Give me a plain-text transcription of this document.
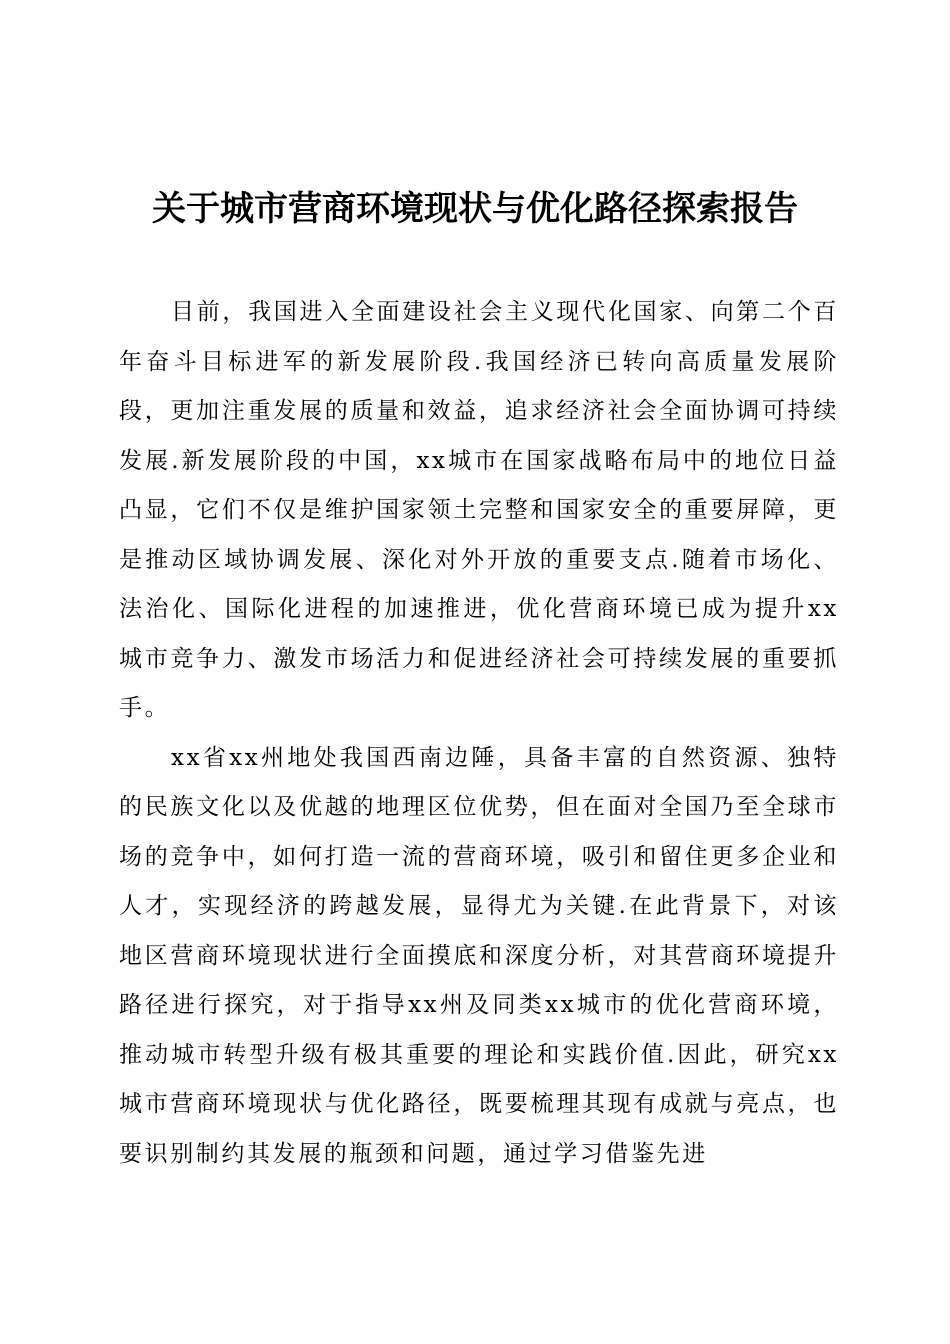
关于城市营商环境现状与优化路径探索报告

目前，我国进入全面建设社会主义现代化国家、向第二个百年奋斗目标进军的新发展阶段.我国经济已转向高质量发展阶段，更加注重发展的质量和效益，追求经济社会全面协调可持续发展.新发展阶段的中国，xx城市在国家战略布局中的地位日益凸显，它们不仅是维护国家领土完整和国家安全的重要屏障，更是推动区域协调发展、深化对外开放的重要支点.随着市场化、法治化、国际化进程的加速推进，优化营商环境已成为提升xx城市竞争力、激发市场活力和促进经济社会可持续发展的重要抓手。

xx省xx州地处我国西南边陲，具备丰富的自然资源、独特的民族文化以及优越的地理区位优势，但在面对全国乃至全球市场的竞争中，如何打造一流的营商环境，吸引和留住更多企业和人才，实现经济的跨越发展，显得尤为关键.在此背景下，对该地区营商环境现状进行全面摸底和深度分析，对其营商环境提升路径进行探究，对于指导xx州及同类xx城市的优化营商环境，推动城市转型升级有极其重要的理论和实践价值.因此，研究xx城市营商环境现状与优化路径，既要梳理其现有成就与亮点，也要识别制约其发展的瓶颈和问题，通过学习借鉴先进
